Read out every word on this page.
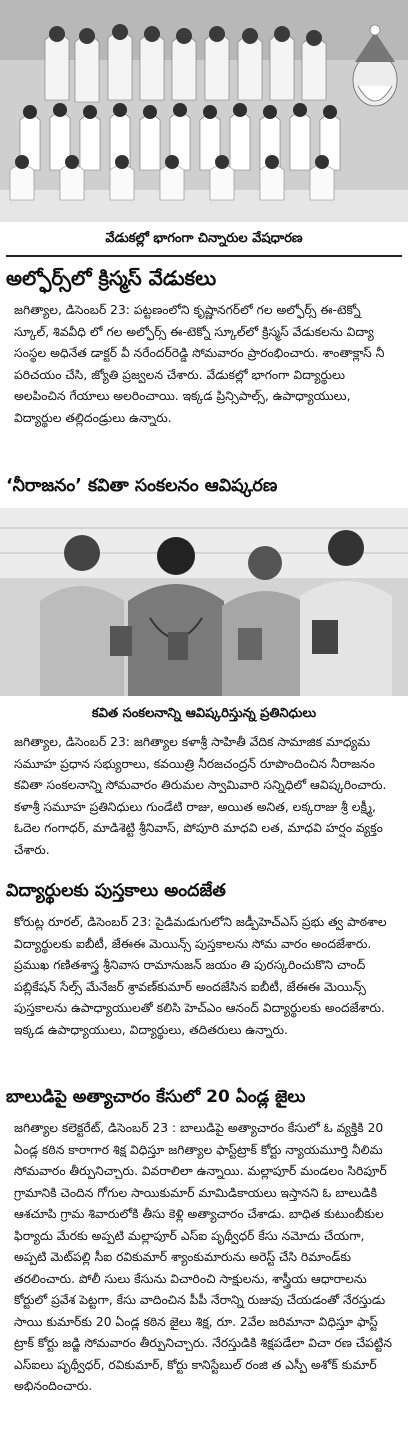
వేడుకల్లో భాగంగా చిన్నారుల వేషధారణ
అల్ఫోర్స్‌లో క్రిస్మస్ వేడుకలు

జగిత్యాల, డిసెంబర్ 23: పట్టణంలోని కృష్ణానగర్‌లో గల అల్ఫోర్స్ ఈ-టెక్నో స్కూల్, శివవీధి లో గల అల్ఫోర్స్ ఈ-టెక్నో స్కూల్‌లో క్రిస్మస్ వేడుకలను విద్యా సంస్థల అధినేత డాక్టర్ వీ నరేందర్‌రెడ్డి సోమవారం ప్రారంభించారు. శాంతాక్లాస్ నీ పరిచయం చేసి, జ్యోతి ప్రజ్వలన చేశారు. వేడుకల్లో భాగంగా విద్యార్థులు అలపించిన గేయాలు అలరించాయి. ఇక్కడ ప్రిన్సిపాల్స్, ఉపాధ్యాయులు, విద్యార్థుల తల్లిదండ్రులు ఉన్నారు.

‘నీరాజనం’ కవితా సంకలనం ఆవిష్కరణ
కవిత సంకలనాన్ని ఆవిష్కరిస్తున్న ప్రతినిధులు

జగిత్యాల, డిసెంబర్ 23: జగిత్యాల కళాశ్రీ సాహితీ వేదిక సామాజిక మాధ్యమ సమూహ ప్రధాన సభ్యురాలు, కవయిత్రి నీరజచంద్రన్ రూపొందించిన నీరాజనం కవితా సంకలనాన్ని సోమవారం తిరుమల స్వామివారి సన్నిధిలో ఆవిష్కరించారు. కళాశ్రీ సమూహ ప్రతినిధులు గుండేటి రాజు, అయిత అనిత, లక్కరాజు శ్రీ లక్ష్మీ, ఓదెల గంగాధర్, మాడిశెట్టి శ్రీనివాస్, పోపూరి మాధవి లత, మాధవి హర్షం వ్యక్తం చేశారు.

విద్యార్థులకు పుస్తకాలు అందజేత

కోరుట్ల రూరల్, డిసెంబర్ 23: పైడిమడుగులోని జడ్పీహెచ్ఎస్ ప్రభు త్వ పాఠశాల విద్యార్థులకు ఐబీటీ, జేఈఈ మెయిన్స్ పుస్తకాలను సోమ వారం అందజేశారు. ప్రముఖ గణితశాస్త్ర శ్రీనివాస రామానుజన్ జయం తి పురస్కరించుకొని చాంద్ పబ్లికేషన్ సేల్స్ మేనేజర్ శ్రావణ్‌కుమార్ అందజేసిన ఐబీటీ, జేఈఈ మెయిన్స్ పుస్తకాలను ఉపాధ్యాయులతో కలిసి హెచ్ఎం ఆనంద్ విద్యార్థులకు అందజేశారు. ఇక్కడ ఉపాధ్యాయులు, విద్యార్థులు, తదితరులు ఉన్నారు.

బాలుడిపై అత్యాచారం కేసులో 20 ఏండ్ల జైలు

జగిత్యాల కలెక్టరేట్, డిసెంబర్ 23 : బాలుడిపై అత్యాచారం కేసులో ఓ వ్యక్తికి 20 ఏండ్ల కఠిన కారాగార శిక్ష విధిస్తూ జగిత్యాల ఫాస్ట్‌ట్రాక్ కోర్టు న్యాయమూర్తి నీలిమ సోమవారం తీర్పునిచ్చారు. వివరాలిలా ఉన్నాయి. మల్లాపూర్ మండలం సిరిపూర్ గ్రామానికి చెందిన గోగుల సాయికుమార్ మామిడికాయలు ఇస్తానని ఓ బాలుడికి ఆశచూపి గ్రామ శివారులోకి తీసు కెళ్లి అత్యాచారం చేశాడు. బాధిత కుటుంబీకుల ఫిర్యాదు మేరకు అప్పటి మల్లాపూర్ ఎస్ఐ పృథ్వీధర్ కేసు నమోదు చేయగా, అప్పటి మెట్‌పల్లి సీఐ రవికుమార్ శ్యాంకుమారును అరెస్ట్ చేసి రిమాండ్‌కు తరలించారు. పోలీ సులు కేసును విచారించి సాక్షులను, శాస్త్రీయ ఆధారాలను కోర్టులో ప్రవేశ పెట్టగా, కేసు వాదించిన పీపీ నేరాన్ని రుజువు చేయడంతో నేరస్తుడు సాయి కుమార్‌కు 20 ఏండ్ల కఠిన జైలు శిక్ష, రూ. 2వేల జరిమానా విధిస్తూ ఫాస్ట్ ట్రాక్ కోర్టు జడ్జి సోమవారం తీర్పునిచ్చారు. నేరస్తుడికి శిక్షపడేలా విచా రణ చేపట్టిన ఎస్ఐలు పృథ్వీధర్, రవికుమార్, కోర్టు కానిస్టేబుల్ రంజి త ఎస్పీ అశోక్ కుమార్ అభినందించారు.
